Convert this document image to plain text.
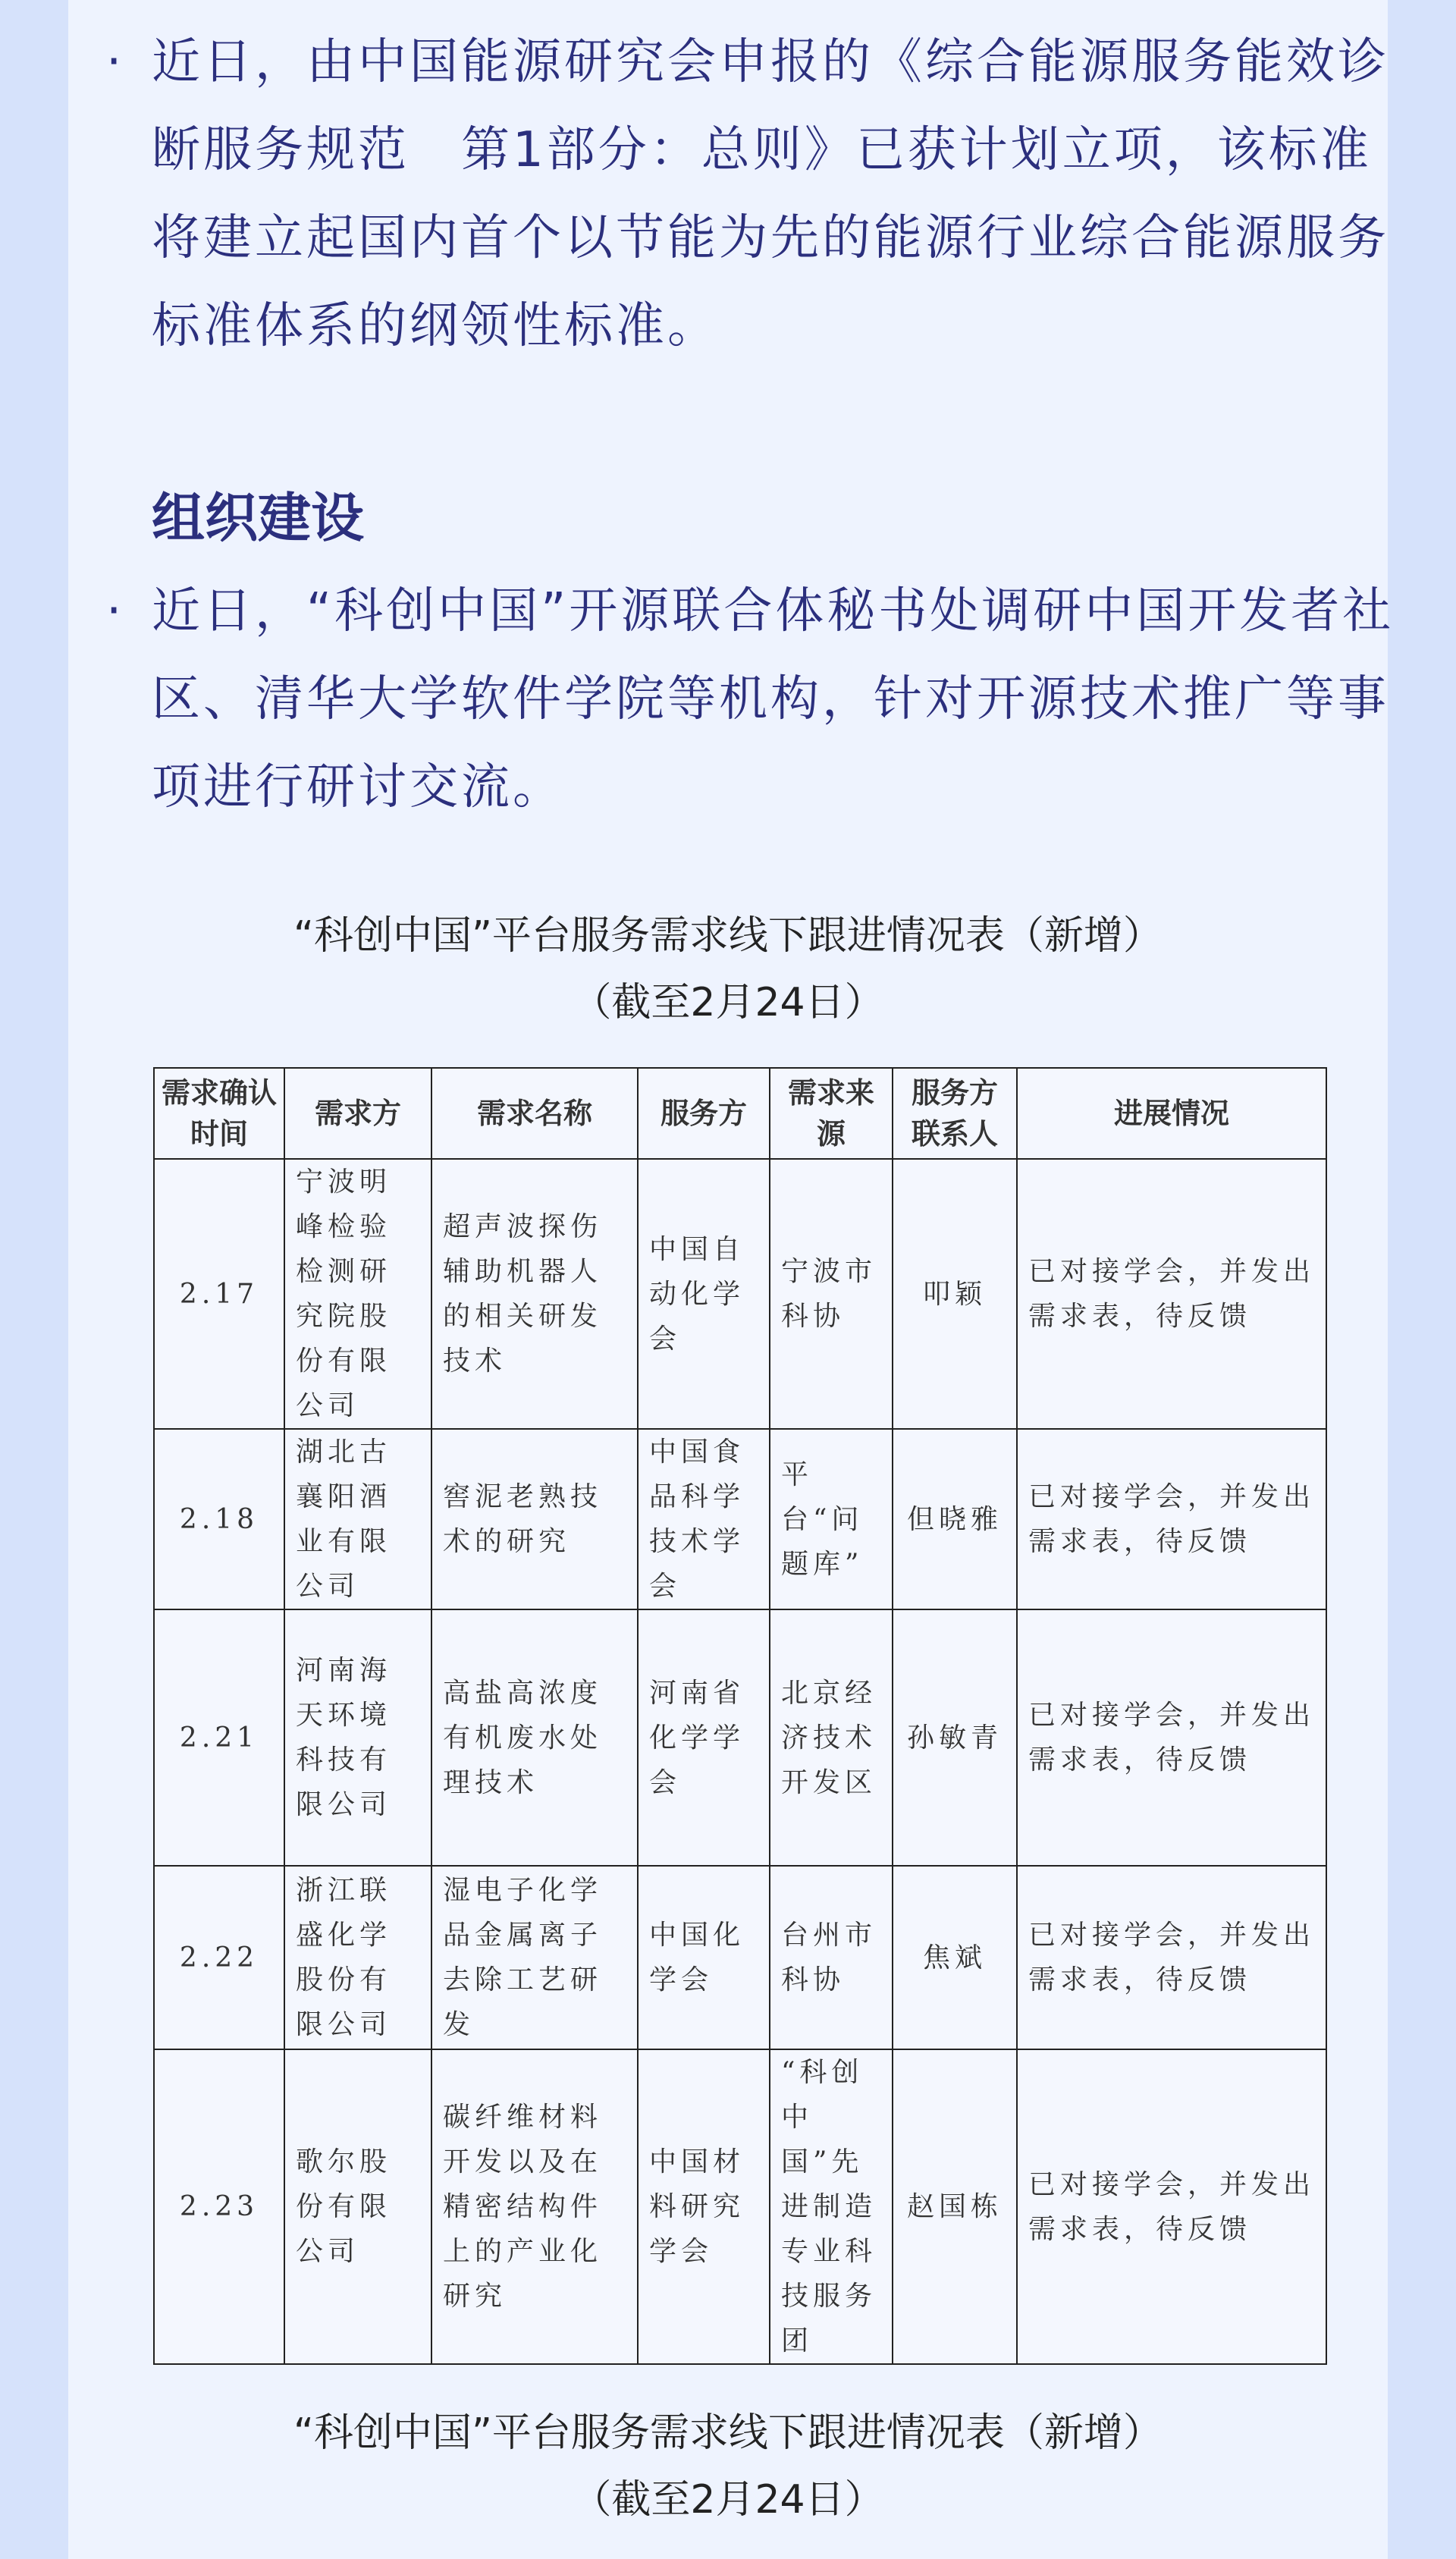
· 近日，由中国能源研究会申报的《综合能源服务能效诊断服务规范　第1部分：总则》已获计划立项，该标准将建立起国内首个以节能为先的能源行业综合能源服务标准体系的纲领性标准。
组织建设
· 近日，“科创中国”开源联合体秘书处调研中国开发者社区、清华大学软件学院等机构，针对开源技术推广等事项进行研讨交流。
“科创中国”平台服务需求线下跟进情况表（新增）
（截至2月24日）
需求确认时间	需求方	需求名称	服务方	需求来源	服务方联系人	进展情况
2.17	宁波明峰检验检测研究院股份有限公司	超声波探伤辅助机器人的相关研发技术	中国自动化学会	宁波市科协	叩颖	已对接学会，并发出需求表，待反馈
2.18	湖北古襄阳酒业有限公司	窖泥老熟技术的研究	中国食品科学技术学会	平台“问题库”	但晓雅	已对接学会，并发出需求表，待反馈
2.21	河南海天环境科技有限公司	高盐高浓度有机废水处理技术	河南省化学学会	北京经济技术开发区	孙敏青	已对接学会，并发出需求表，待反馈
2.22	浙江联盛化学股份有限公司	湿电子化学品金属离子去除工艺研发	中国化学会	台州市科协	焦斌	已对接学会，并发出需求表，待反馈
2.23	歌尔股份有限公司	碳纤维材料开发以及在精密结构件上的产业化研究	中国材料研究学会	“科创中国”先进制造专业科技服务团	赵国栋	已对接学会，并发出需求表，待反馈
“科创中国”平台服务需求线下跟进情况表（新增）
（截至2月24日）
